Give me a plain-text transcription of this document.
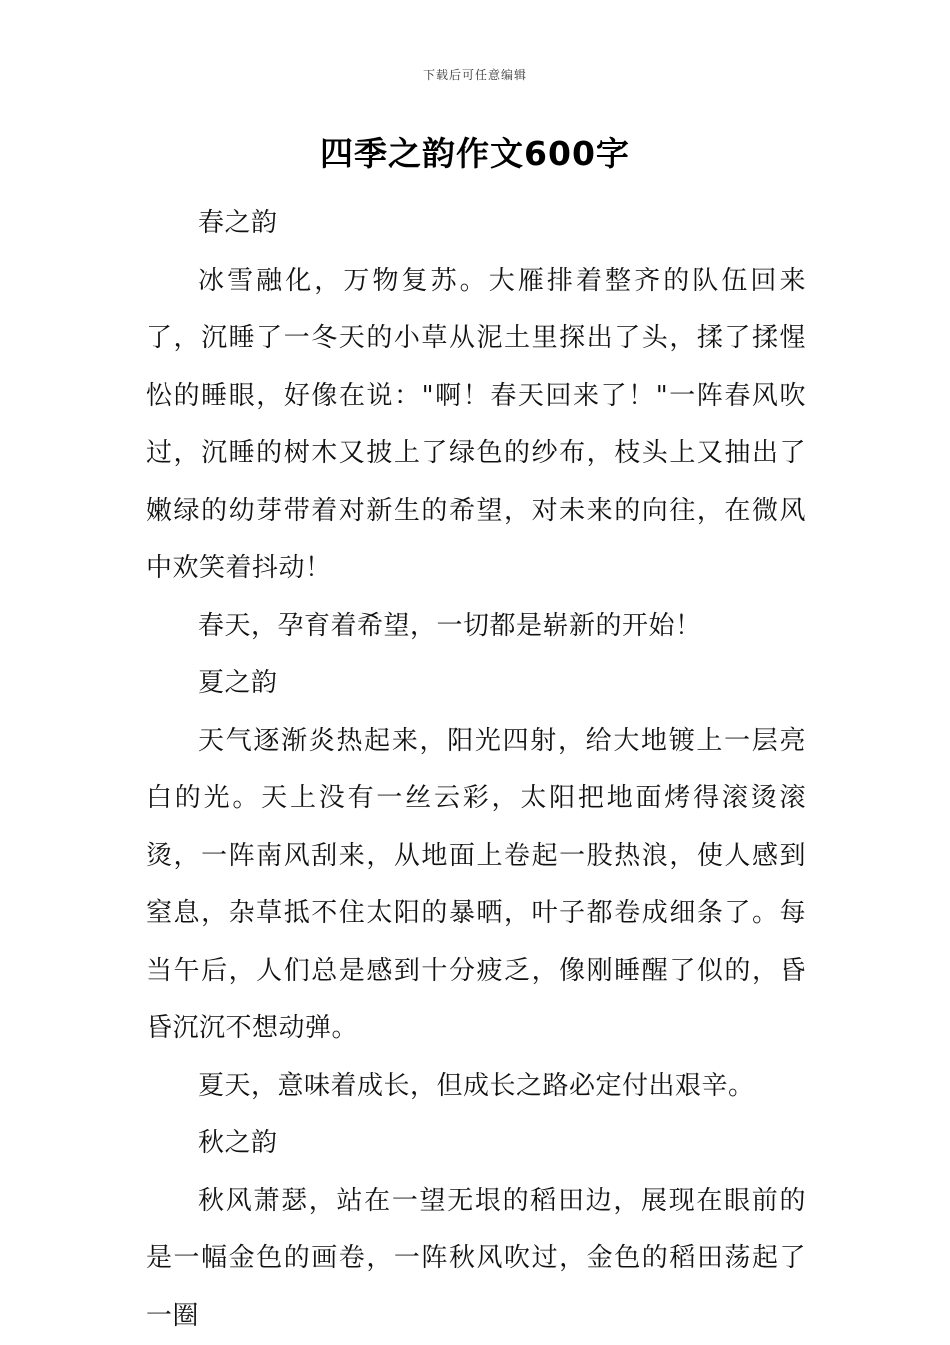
下载后可任意编辑
四季之韵作文600字

春之韵

冰雪融化，万物复苏。大雁排着整齐的队伍回来了，沉睡了一冬天的小草从泥土里探出了头，揉了揉惺忪的睡眼，好像在说："啊！春天回来了！"一阵春风吹过，沉睡的树木又披上了绿色的纱布，枝头上又抽出了嫩绿的幼芽带着对新生的希望，对未来的向往，在微风中欢笑着抖动！

春天，孕育着希望，一切都是崭新的开始！

夏之韵

天气逐渐炎热起来，阳光四射，给大地镀上一层亮白的光。天上没有一丝云彩，太阳把地面烤得滚烫滚烫，一阵南风刮来，从地面上卷起一股热浪，使人感到窒息，杂草抵不住太阳的暴晒，叶子都卷成细条了。每当午后，人们总是感到十分疲乏，像刚睡醒了似的，昏昏沉沉不想动弹。

夏天，意味着成长，但成长之路必定付出艰辛。

秋之韵

秋风萧瑟，站在一望无垠的稻田边，展现在眼前的是一幅金色的画卷，一阵秋风吹过，金色的稻田荡起了一圈
